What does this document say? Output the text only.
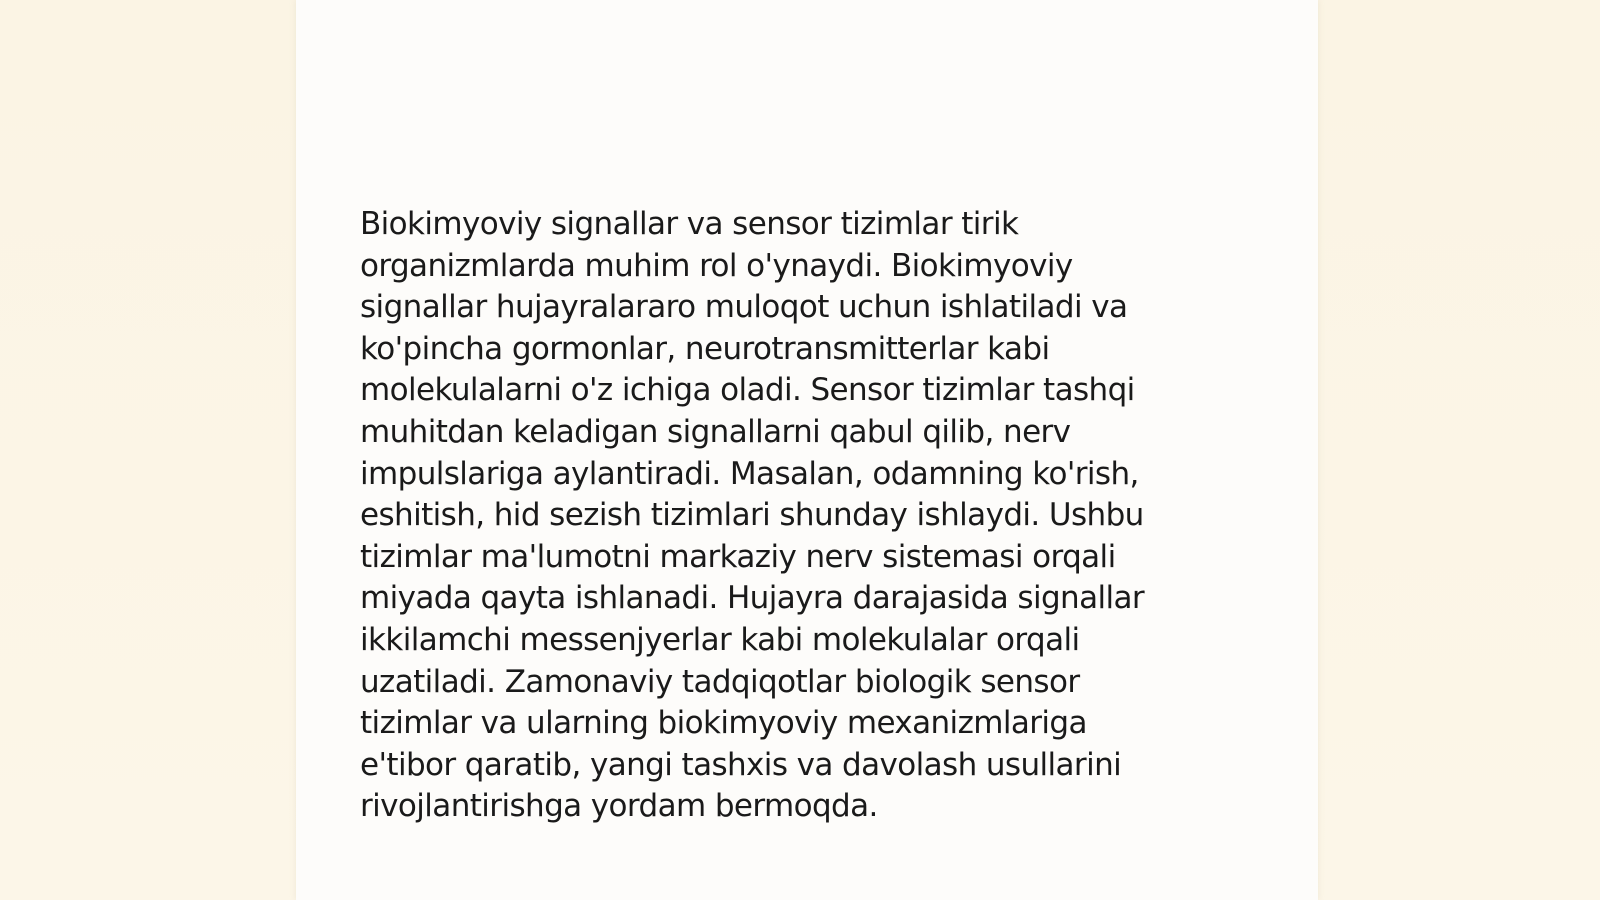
Biokimyoviy signallar va sensor tizimlar tirik
organizmlarda muhim rol o'ynaydi. Biokimyoviy
signallar hujayralararo muloqot uchun ishlatiladi va
ko'pincha gormonlar, neurotransmitterlar kabi
molekulalarni o'z ichiga oladi. Sensor tizimlar tashqi
muhitdan keladigan signallarni qabul qilib, nerv
impulslariga aylantiradi. Masalan, odamning ko'rish,
eshitish, hid sezish tizimlari shunday ishlaydi. Ushbu
tizimlar ma'lumotni markaziy nerv sistemasi orqali
miyada qayta ishlanadi. Hujayra darajasida signallar
ikkilamchi messenjyerlar kabi molekulalar orqali
uzatiladi. Zamonaviy tadqiqotlar biologik sensor
tizimlar va ularning biokimyoviy mexanizmlariga
e'tibor qaratib, yangi tashxis va davolash usullarini
rivojlantirishga yordam bermoqda.
